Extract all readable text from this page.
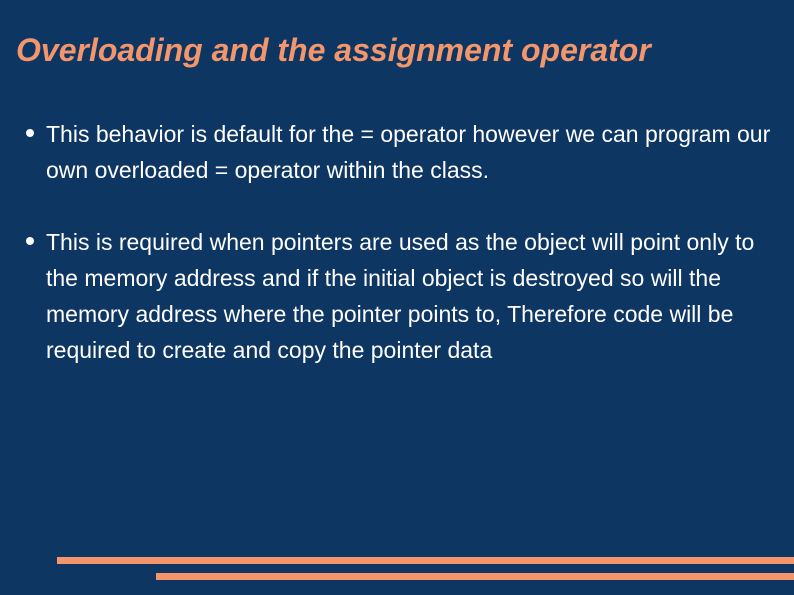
Overloading and the assignment operator

This behavior is default for the = operator however we can program our own overloaded = operator within the class.

This is required when pointers are used as the object will point only to the memory address and if the initial object is destroyed so will the memory address where the pointer points to, Therefore code will be required to create and copy the pointer data
